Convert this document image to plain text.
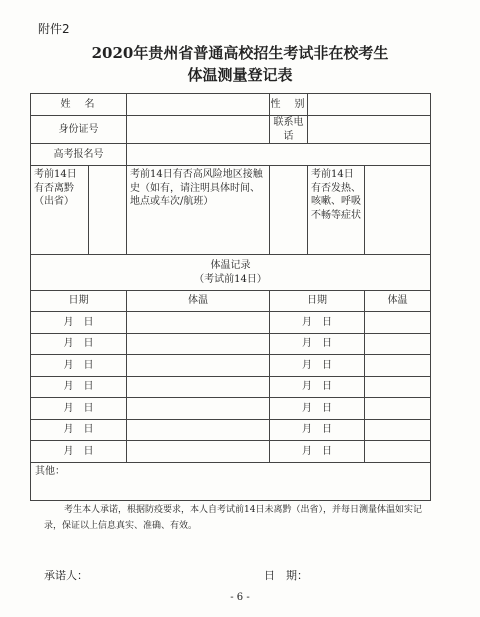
附件2
2020年贵州省普通高校招生考试非在校考生
体温测量登记表
姓　名			性　别		
身份证号			联系电话		
高考报名号					
考前14日有否离黔（出省）		考前14日有否高风险地区接触史（如有，请注明具体时间、地点或车次/航班）		考前14日有否发热、咳嗽、呼吸不畅等症状	

体温记录
（考试前14日）					

日期		体温	日期		体温
月　日			月　日		
月　日			月　日		
月　日			月　日		
月　日			月　日		
月　日			月　日		
月　日			月　日		
月　日			月　日		
其他：					
考生本人承诺，根据防疫要求，本人自考试前14日未离黔（出省），并每日测量体温如实记录，保证以上信息真实、准确、有效。
承诺人：	日　期：
- 6 -
